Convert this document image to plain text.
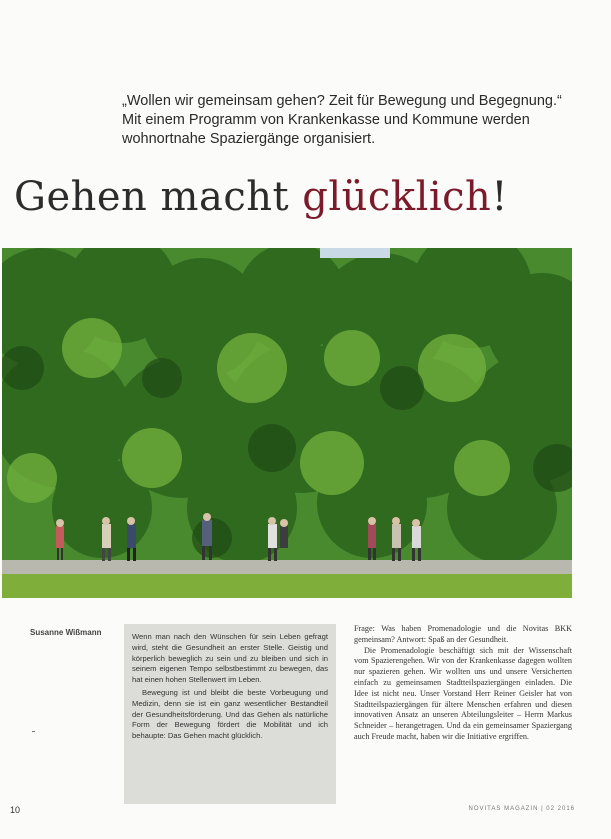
„Wollen wir gemeinsam gehen? Zeit für Bewegung und Begegnung.“ Mit einem Programm von Krankenkasse und Kommune werden wohnortnahe Spaziergänge organisiert.
Gehen macht glücklich!
Susanne Wißmann	Wenn man nach den Wünschen für sein Leben gefragt wird, steht die Gesundheit an erster Stelle. Geistig und körperlich beweglich zu sein und zu bleiben und sich in seinem eigenen Tempo selbstbestimmt zu bewegen, das hat einen hohen Stellenwert im Leben.

Bewegung ist und bleibt die beste Vorbeugung und Medizin, denn sie ist ein ganz wesentlicher Bestandteil der Gesundheitsförderung. Und das Gehen als natürliche Form der Bewegung fördert die Mobilität und ich behaupte: Das Gehen macht glücklich.

Frage: Was haben Promenadologie und die Novitas BKK gemeinsam? Antwort: Spaß an der Gesundheit.
Die Promenadologie beschäftigt sich mit der Wissenschaft vom Spazierengehen. Wir von der Krankenkasse dagegen wollten nur spazieren gehen. Wir wollten uns und unsere Versicherten einfach zu gemeinsamen Stadtteilspaziergängen einladen. Die Idee ist nicht neu. Unser Vorstand Herr Reiner Geisler hat von Stadtteilspaziergängen für ältere Menschen erfahren und diesen innovativen Ansatz an unseren Abteilungsleiter – Herrn Markus Schneider – herangetragen. Und da ein gemeinsamer Spaziergang auch Freude macht, haben wir die Initiative ergriffen.
10	NOVITAS MAGAZIN | 02 2016
